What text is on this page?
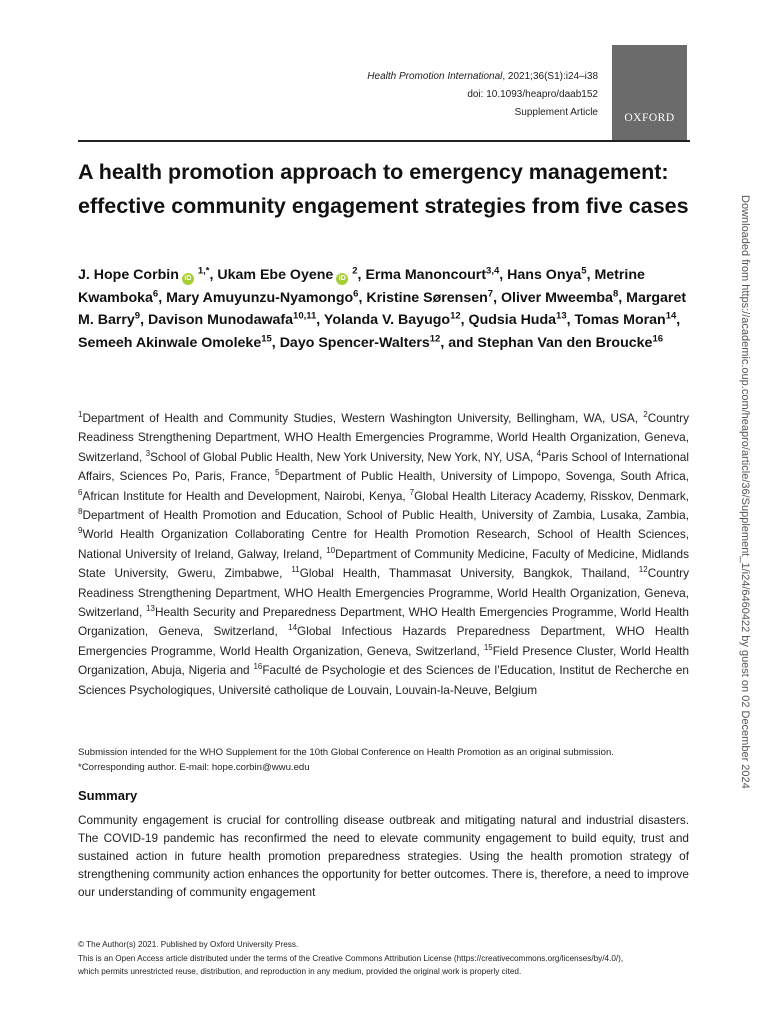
Health Promotion International, 2021;36(S1):i24–i38
doi: 10.1093/heapro/daab152
Supplement Article	OXFORD
A health promotion approach to emergency management: effective community engagement strategies from five cases

J. Hope Corbin iD $^{1,*}$, Ukam Ebe Oyene iD $^2$, Erma Manoncourt$^{3,4}$, Hans Onya$^5$, Metrine Kwamboka$^6$, Mary Amuyunzu-Nyamongo$^6$, Kristine Sørensen$^7$, Oliver Mweemba$^8$, Margaret M. Barry$^9$, Davison Munodawafa$^{10,11}$, Yolanda V. Bayugo$^{12}$, Qudsia Huda$^{13}$, Tomas Moran$^{14}$, Semeeh Akinwale Omoleke$^{15}$, Dayo Spencer-Walters$^{12}$, and Stephan Van den Broucke$^{16}$

$^1$Department of Health and Community Studies, Western Washington University, Bellingham, WA, USA, $^2$Country Readiness Strengthening Department, WHO Health Emergencies Programme, World Health Organization, Geneva, Switzerland, $^3$School of Global Public Health, New York University, New York, NY, USA, $^4$Paris School of International Affairs, Sciences Po, Paris, France, $^5$Department of Public Health, University of Limpopo, Sovenga, South Africa, $^6$African Institute for Health and Development, Nairobi, Kenya, $^7$Global Health Literacy Academy, Risskov, Denmark, $^8$Department of Health Promotion and Education, School of Public Health, University of Zambia, Lusaka, Zambia, $^9$World Health Organization Collaborating Centre for Health Promotion Research, School of Health Sciences, National University of Ireland, Galway, Ireland, $^{10}$Department of Community Medicine, Faculty of Medicine, Midlands State University, Gweru, Zimbabwe, $^{11}$Global Health, Thammasat University, Bangkok, Thailand, $^{12}$Country Readiness Strengthening Department, WHO Health Emergencies Programme, World Health Organization, Geneva, Switzerland, $^{13}$Health Security and Preparedness Department, WHO Health Emergencies Programme, World Health Organization, Geneva, Switzerland, $^{14}$Global Infectious Hazards Preparedness Department, WHO Health Emergencies Programme, World Health Organization, Geneva, Switzerland, $^{15}$Field Presence Cluster, World Health Organization, Abuja, Nigeria and $^{16}$Faculté de Psychologie et des Sciences de l’Education, Institut de Recherche en Sciences Psychologiques, Université catholique de Louvain, Louvain-la-Neuve, Belgium

Submission intended for the WHO Supplement for the 10th Global Conference on Health Promotion as an original submission.
*Corresponding author. E-mail: hope.corbin@wwu.edu
Summary

Community engagement is crucial for controlling disease outbreak and mitigating natural and industrial disasters. The COVID-19 pandemic has reconfirmed the need to elevate community engagement to build equity, trust and sustained action in future health promotion preparedness strategies. Using the health promotion strategy of strengthening community action enhances the opportunity for better outcomes. There is, therefore, a need to improve our understanding of community engagement

© The Author(s) 2021. Published by Oxford University Press.
This is an Open Access article distributed under the terms of the Creative Commons Attribution License (https://creativecommons.org/licenses/by/4.0/),
which permits unrestricted reuse, distribution, and reproduction in any medium, provided the original work is properly cited.
Downloaded from https://academic.oup.com/heapro/article/36/Supplement_1/i24/6460422 by guest on 02 December 2024
